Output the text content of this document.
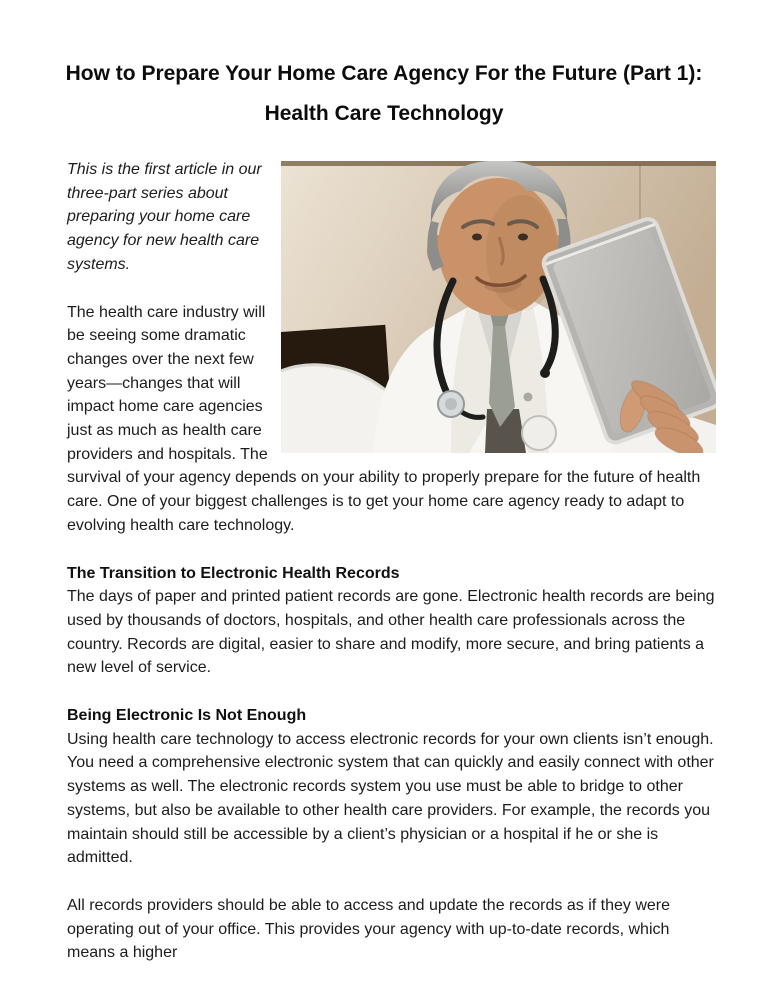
How to Prepare Your Home Care Agency For the Future (Part 1):
Health Care Technology

This is the first article in our three-part series about preparing your home care agency for new health care systems.

The health care industry will be seeing some dramatic changes over the next few years—changes that will impact home care agencies just as much as health care providers and hospitals. The survival of your agency depends on your ability to properly prepare for the future of health care. One of your biggest challenges is to get your home care agency ready to adapt to evolving health care technology.

The Transition to Electronic Health Records

The days of paper and printed patient records are gone. Electronic health records are being used by thousands of doctors, hospitals, and other health care professionals across the country. Records are digital, easier to share and modify, more secure, and bring patients a new level of service.

Being Electronic Is Not Enough

Using health care technology to access electronic records for your own clients isn’t enough. You need a comprehensive electronic system that can quickly and easily connect with other systems as well. The electronic records system you use must be able to bridge to other systems, but also be available to other health care providers. For example, the records you maintain should still be accessible by a client’s physician or a hospital if he or she is admitted.

All records providers should be able to access and update the records as if they were operating out of your office. This provides your agency with up-to-date records, which means a higher
